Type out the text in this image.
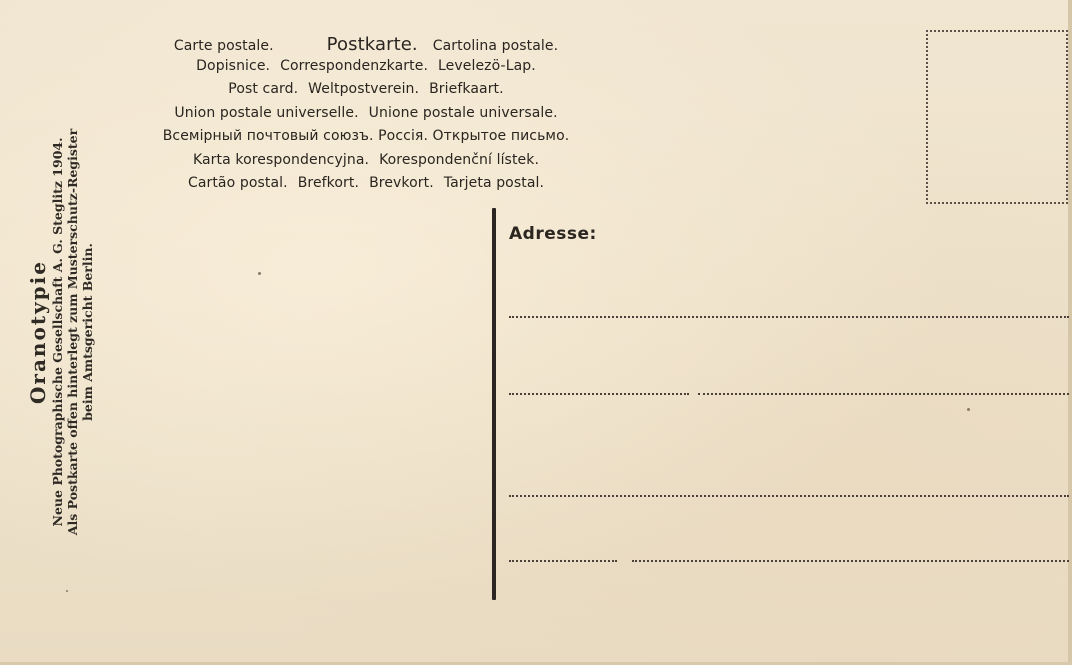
Carte postale.	Postkarte. Cartolina postale.
Dopisnice. Correspondenzkarte. Levelezö-Lap.
Post card. Weltpostverein. Briefkaart.
Union postale universelle. Unione postale universale.
Всемірный почтовый союзъ. Россія. Открытое письмо.
Karta korespondencyjna. Korespondenční lístek.
Cartão postal. Brefkort. Brevkort. Tarjeta postal.
Oranotypie Neue Photographische Gesellschaft A. G. Steglitz 1904. Als Postkarte offen hinterlegt zum Musterschutz-Register beim Amtsgericht Berlin.
Adresse:
